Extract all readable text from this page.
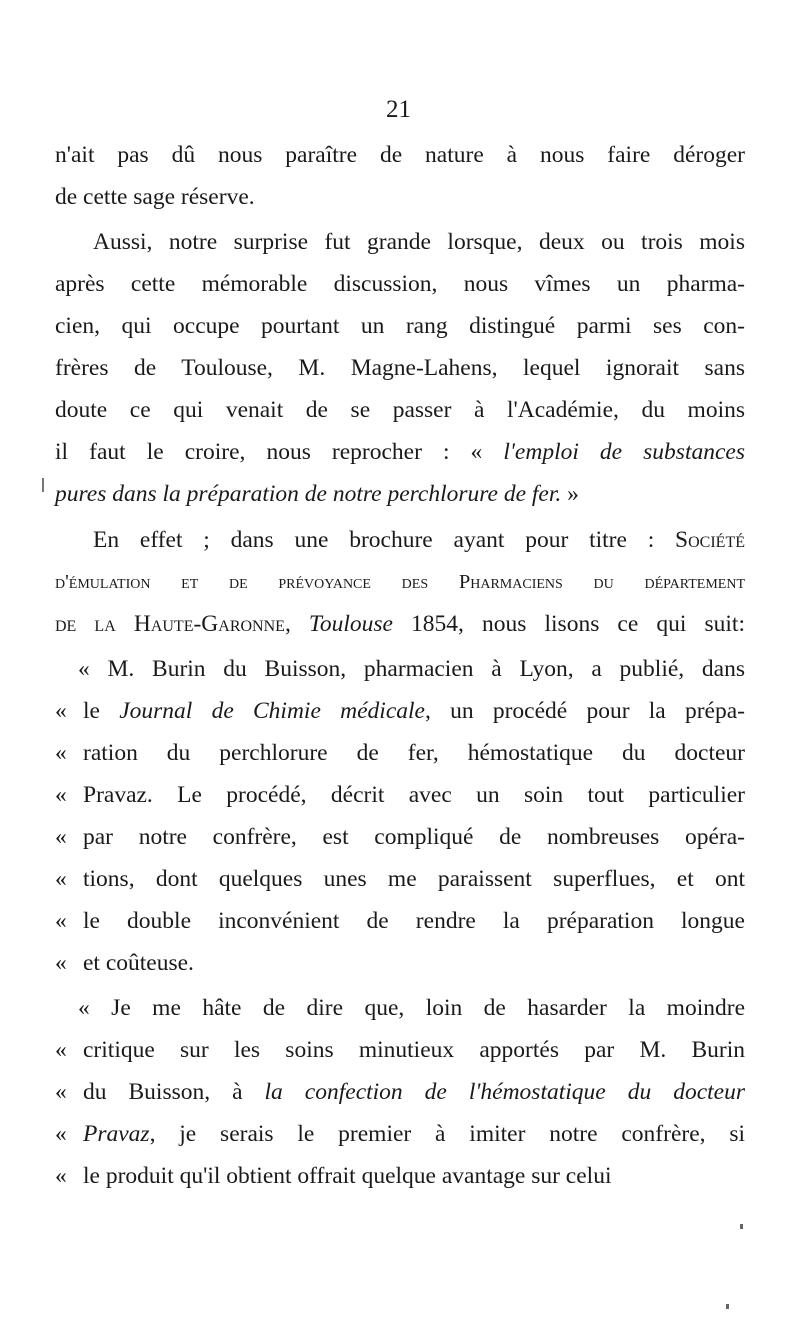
21
n'ait pas dû nous paraître de nature à nous faire déroger
de cette sage réserve.
Aussi, notre surprise fut grande lorsque, deux ou trois mois
après cette mémorable discussion, nous vîmes un pharma-
cien, qui occupe pourtant un rang distingué parmi ses con-
frères de Toulouse, M. Magne-Lahens, lequel ignorait sans
doute ce qui venait de se passer à l'Académie, du moins
il faut le croire, nous reprocher : « l'emploi de substances
pures dans la préparation de notre perchlorure de fer. »
En effet ; dans une brochure ayant pour titre : Société
d'émulation et de prévoyance des Pharmaciens du département
de la Haute-Garonne, Toulouse 1854, nous lisons ce qui suit:
« M. Burin du Buisson, pharmacien à Lyon, a publié, dans
« le Journal de Chimie médicale, un procédé pour la prépa-
« ration du perchlorure de fer, hémostatique du docteur
« Pravaz. Le procédé, décrit avec un soin tout particulier
« par notre confrère, est compliqué de nombreuses opéra-
« tions, dont quelques unes me paraissent superflues, et ont
« le double inconvénient de rendre la préparation longue
« et coûteuse.
« Je me hâte de dire que, loin de hasarder la moindre
« critique sur les soins minutieux apportés par M. Burin
« du Buisson, à la confection de l'hémostatique du docteur
« Pravaz, je serais le premier à imiter notre confrère, si
« le produit qu'il obtient offrait quelque avantage sur celui
